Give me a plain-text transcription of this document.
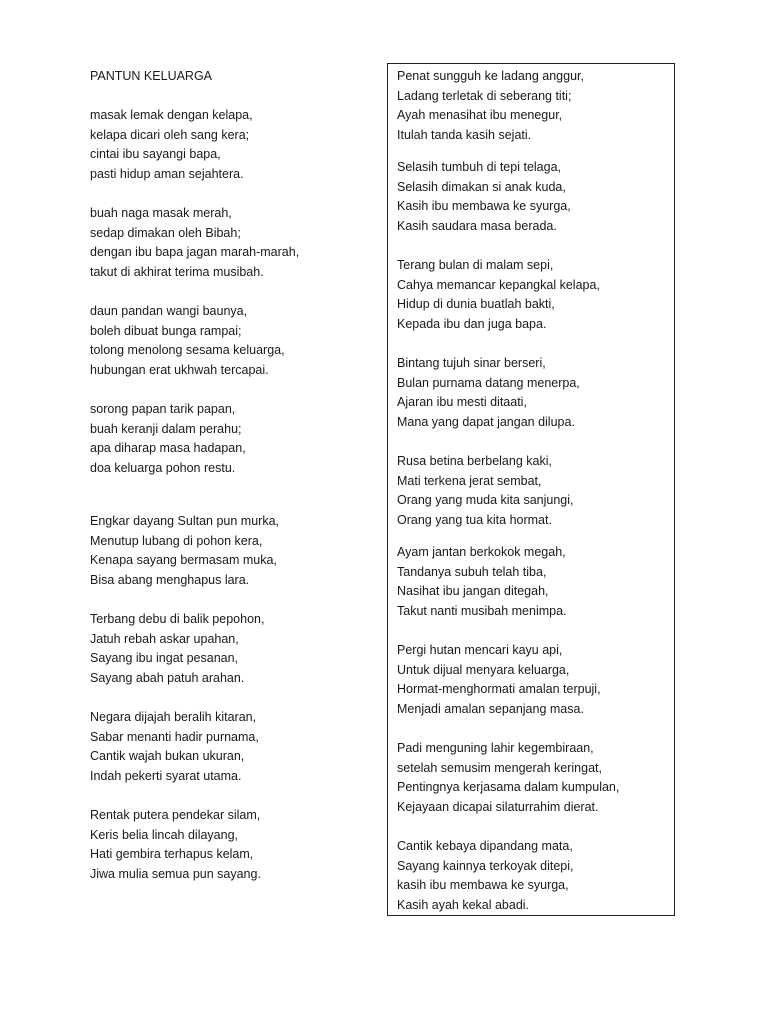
PANTUN KELUARGA
masak lemak dengan kelapa,
kelapa dicari oleh sang kera;
cintai ibu sayangi bapa,
pasti hidup aman sejahtera.
buah naga masak merah,
sedap dimakan oleh Bibah;
dengan ibu bapa jagan marah-marah,
takut di akhirat terima musibah.
daun pandan wangi baunya,
boleh dibuat bunga rampai;
tolong menolong sesama keluarga,
hubungan erat ukhwah tercapai.
sorong papan tarik papan,
buah keranji dalam perahu;
apa diharap masa hadapan,
doa keluarga pohon restu.
Engkar dayang Sultan pun murka,
Menutup lubang di pohon kera,
Kenapa sayang bermasam muka,
Bisa abang menghapus lara.
Terbang debu di balik pepohon,
Jatuh rebah askar upahan,
Sayang ibu ingat pesanan,
Sayang abah patuh arahan.
Negara dijajah beralih kitaran,
Sabar menanti hadir purnama,
Cantik wajah bukan ukuran,
Indah pekerti syarat utama.
Rentak putera pendekar silam,
Keris belia lincah dilayang,
Hati gembira terhapus kelam,
Jiwa mulia semua pun sayang.
Penat sungguh ke ladang anggur,
Ladang terletak di seberang titi;
Ayah menasihat ibu menegur,
Itulah tanda kasih sejati.
Selasih tumbuh di tepi telaga,
Selasih dimakan si anak kuda,
Kasih ibu membawa ke syurga,
Kasih saudara masa berada.
Terang bulan di malam sepi,
Cahya memancar kepangkal kelapa,
Hidup di dunia buatlah bakti,
Kepada ibu dan juga bapa.
Bintang tujuh sinar berseri,
Bulan purnama datang menerpa,
Ajaran ibu mesti ditaati,
Mana yang dapat jangan dilupa.
Rusa betina berbelang kaki,
Mati terkena jerat sembat,
Orang yang muda kita sanjungi,
Orang yang tua kita hormat.
Ayam jantan berkokok megah,
Tandanya subuh telah tiba,
Nasihat ibu jangan ditegah,
Takut nanti musibah menimpa.
Pergi hutan mencari kayu api,
Untuk dijual menyara keluarga,
Hormat-menghormati amalan terpuji,
Menjadi amalan sepanjang masa.
Padi menguning lahir kegembiraan,
setelah semusim mengerah keringat,
Pentingnya kerjasama dalam kumpulan,
Kejayaan dicapai silaturrahim dierat.
Cantik kebaya dipandang mata,
Sayang kainnya terkoyak ditepi,
kasih ibu membawa ke syurga,
Kasih ayah kekal abadi.
